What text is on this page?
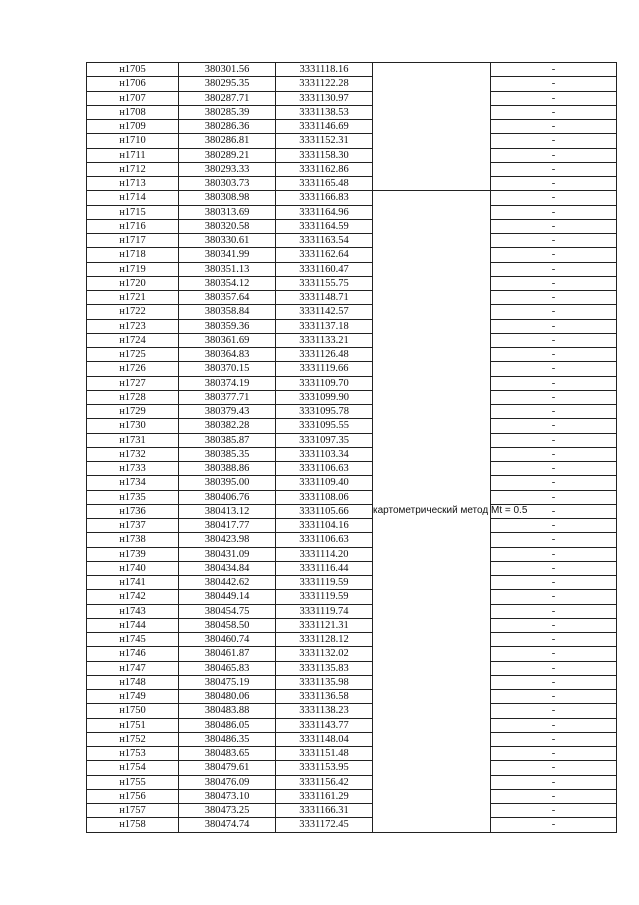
н1705	380301.56	3331118.16		-
н1706	380295.35	3331122.28		-
н1707	380287.71	3331130.97		-
н1708	380285.39	3331138.53		-
н1709	380286.36	3331146.69		-
н1710	380286.81	3331152.31		-
н1711	380289.21	3331158.30		-
н1712	380293.33	3331162.86		-
н1713	380303.73	3331165.48		-
н1714	380308.98	3331166.83	картометрический метод Mt = 0.5	-
н1715	380313.69	3331164.96		-
н1716	380320.58	3331164.59		-
н1717	380330.61	3331163.54		-
н1718	380341.99	3331162.64		-
н1719	380351.13	3331160.47		-
н1720	380354.12	3331155.75		-
н1721	380357.64	3331148.71		-
н1722	380358.84	3331142.57		-
н1723	380359.36	3331137.18		-
н1724	380361.69	3331133.21		-
н1725	380364.83	3331126.48		-
н1726	380370.15	3331119.66		-
н1727	380374.19	3331109.70		-
н1728	380377.71	3331099.90		-
н1729	380379.43	3331095.78		-
н1730	380382.28	3331095.55		-
н1731	380385.87	3331097.35		-
н1732	380385.35	3331103.34		-
н1733	380388.86	3331106.63		-
н1734	380395.00	3331109.40		-
н1735	380406.76	3331108.06		-
н1736	380413.12	3331105.66		-
н1737	380417.77	3331104.16		-
н1738	380423.98	3331106.63		-
н1739	380431.09	3331114.20		-
н1740	380434.84	3331116.44		-
н1741	380442.62	3331119.59		-
н1742	380449.14	3331119.59		-
н1743	380454.75	3331119.74		-
н1744	380458.50	3331121.31		-
н1745	380460.74	3331128.12		-
н1746	380461.87	3331132.02		-
н1747	380465.83	3331135.83		-
н1748	380475.19	3331135.98		-
н1749	380480.06	3331136.58		-
н1750	380483.88	3331138.23		-
н1751	380486.05	3331143.77		-
н1752	380486.35	3331148.04		-
н1753	380483.65	3331151.48		-
н1754	380479.61	3331153.95		-
н1755	380476.09	3331156.42		-
н1756	380473.10	3331161.29		-
н1757	380473.25	3331166.31		-
н1758	380474.74	3331172.45		-
